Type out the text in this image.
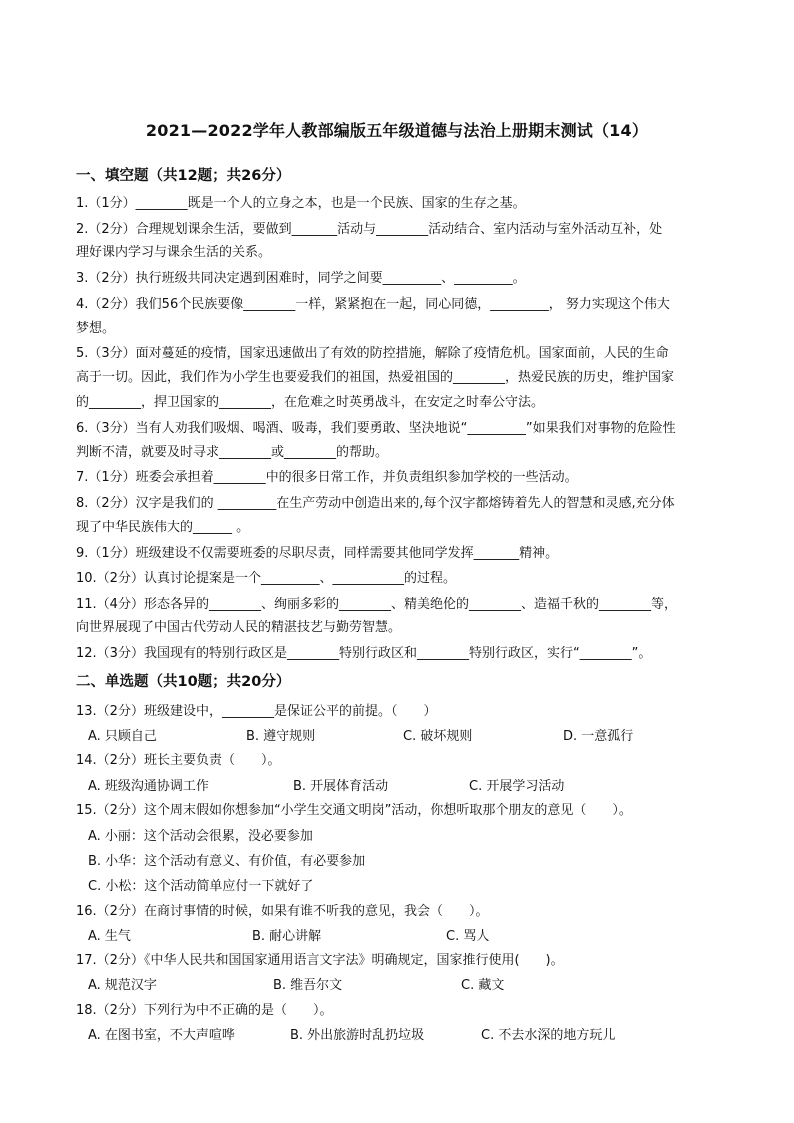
2021—2022学年人教部编版五年级道德与法治上册期末测试（14）
一、填空题（共12题；共26分）
1.（1分）________既是一个人的立身之本，也是一个民族、国家的生存之基。
2.（2分）合理规划课余生活，要做到_______活动与________活动结合、室内活动与室外活动互补，处
理好课内学习与课余生活的关系。
3.（2分）执行班级共同决定遇到困难时，同学之间要_________、_________。
4.（2分）我们56个民族要像________一样，紧紧抱在一起，同心同德，_________， 努力实现这个伟大
梦想。
5.（3分）面对蔓延的疫情，国家迅速做出了有效的防控措施，解除了疫情危机。国家面前，人民的生命
高于一切。因此，我们作为小学生也要爱我们的祖国，热爱祖国的________，热爱民族的历史，维护国家
的________，捍卫国家的________，在危难之时英勇战斗，在安定之时奉公守法。
6.（3分）当有人劝我们吸烟、喝酒、吸毒，我们要勇敢、坚決地说“_________”如果我们对事物的危险性
判断不清，就要及时寻求________或________的帮助。
7.（1分）班委会承担着________中的很多日常工作，并负责组织参加学校的一些活动。
8.（2分）汉字是我们的 _________在生产劳动中创造出来的,每个汉字都熔铸着先人的智慧和灵感,充分体
现了中华民族伟大的______ 。
9.（1分）班级建设不仅需要班委的尽职尽责，同样需要其他同学发挥_______精神。
10.（2分）认真讨论提案是一个_________、___________的过程。
11.（4分）形态各异的________、绚丽多彩的________、精美绝伦的________、造福千秋的________等，
向世界展现了中国古代劳动人民的精湛技艺与勤劳智慧。
12.（3分）我国现有的特别行政区是________特别行政区和________特别行政区，实行“________”。
二、单选题（共10题；共20分）
13.（2分）班级建设中，________是保证公平的前提。（　　）
A. 只顾自己	B. 遵守规则	C. 破坏规则	D. 一意孤行
14.（2分）班长主要负责（　　）。
A. 班级沟通协调工作	B. 开展体育活动	C. 开展学习活动
15.（2分）这个周末假如你想参加“小学生交通文明岗”活动，你想听取那个朋友的意见（　　）。
A. 小丽：这个活动会很累，没必要参加
B. 小华：这个活动有意义、有价值，有必要参加
C. 小松：这个活动简单应付一下就好了
16.（2分）在商讨事情的时候，如果有谁不听我的意见，我会（　　）。
A. 生气	B. 耐心讲解	C. 骂人
17.（2分）《中华人民共和国国家通用语言文字法》明确规定，国家推行使用(　　)。
A. 规范汉字	B. 维吾尔文	C. 藏文
18.（2分）下列行为中不正确的是（　　）。
A. 在图书室，不大声喧哗	B. 外出旅游时乱扔垃圾	C. 不去水深的地方玩儿
